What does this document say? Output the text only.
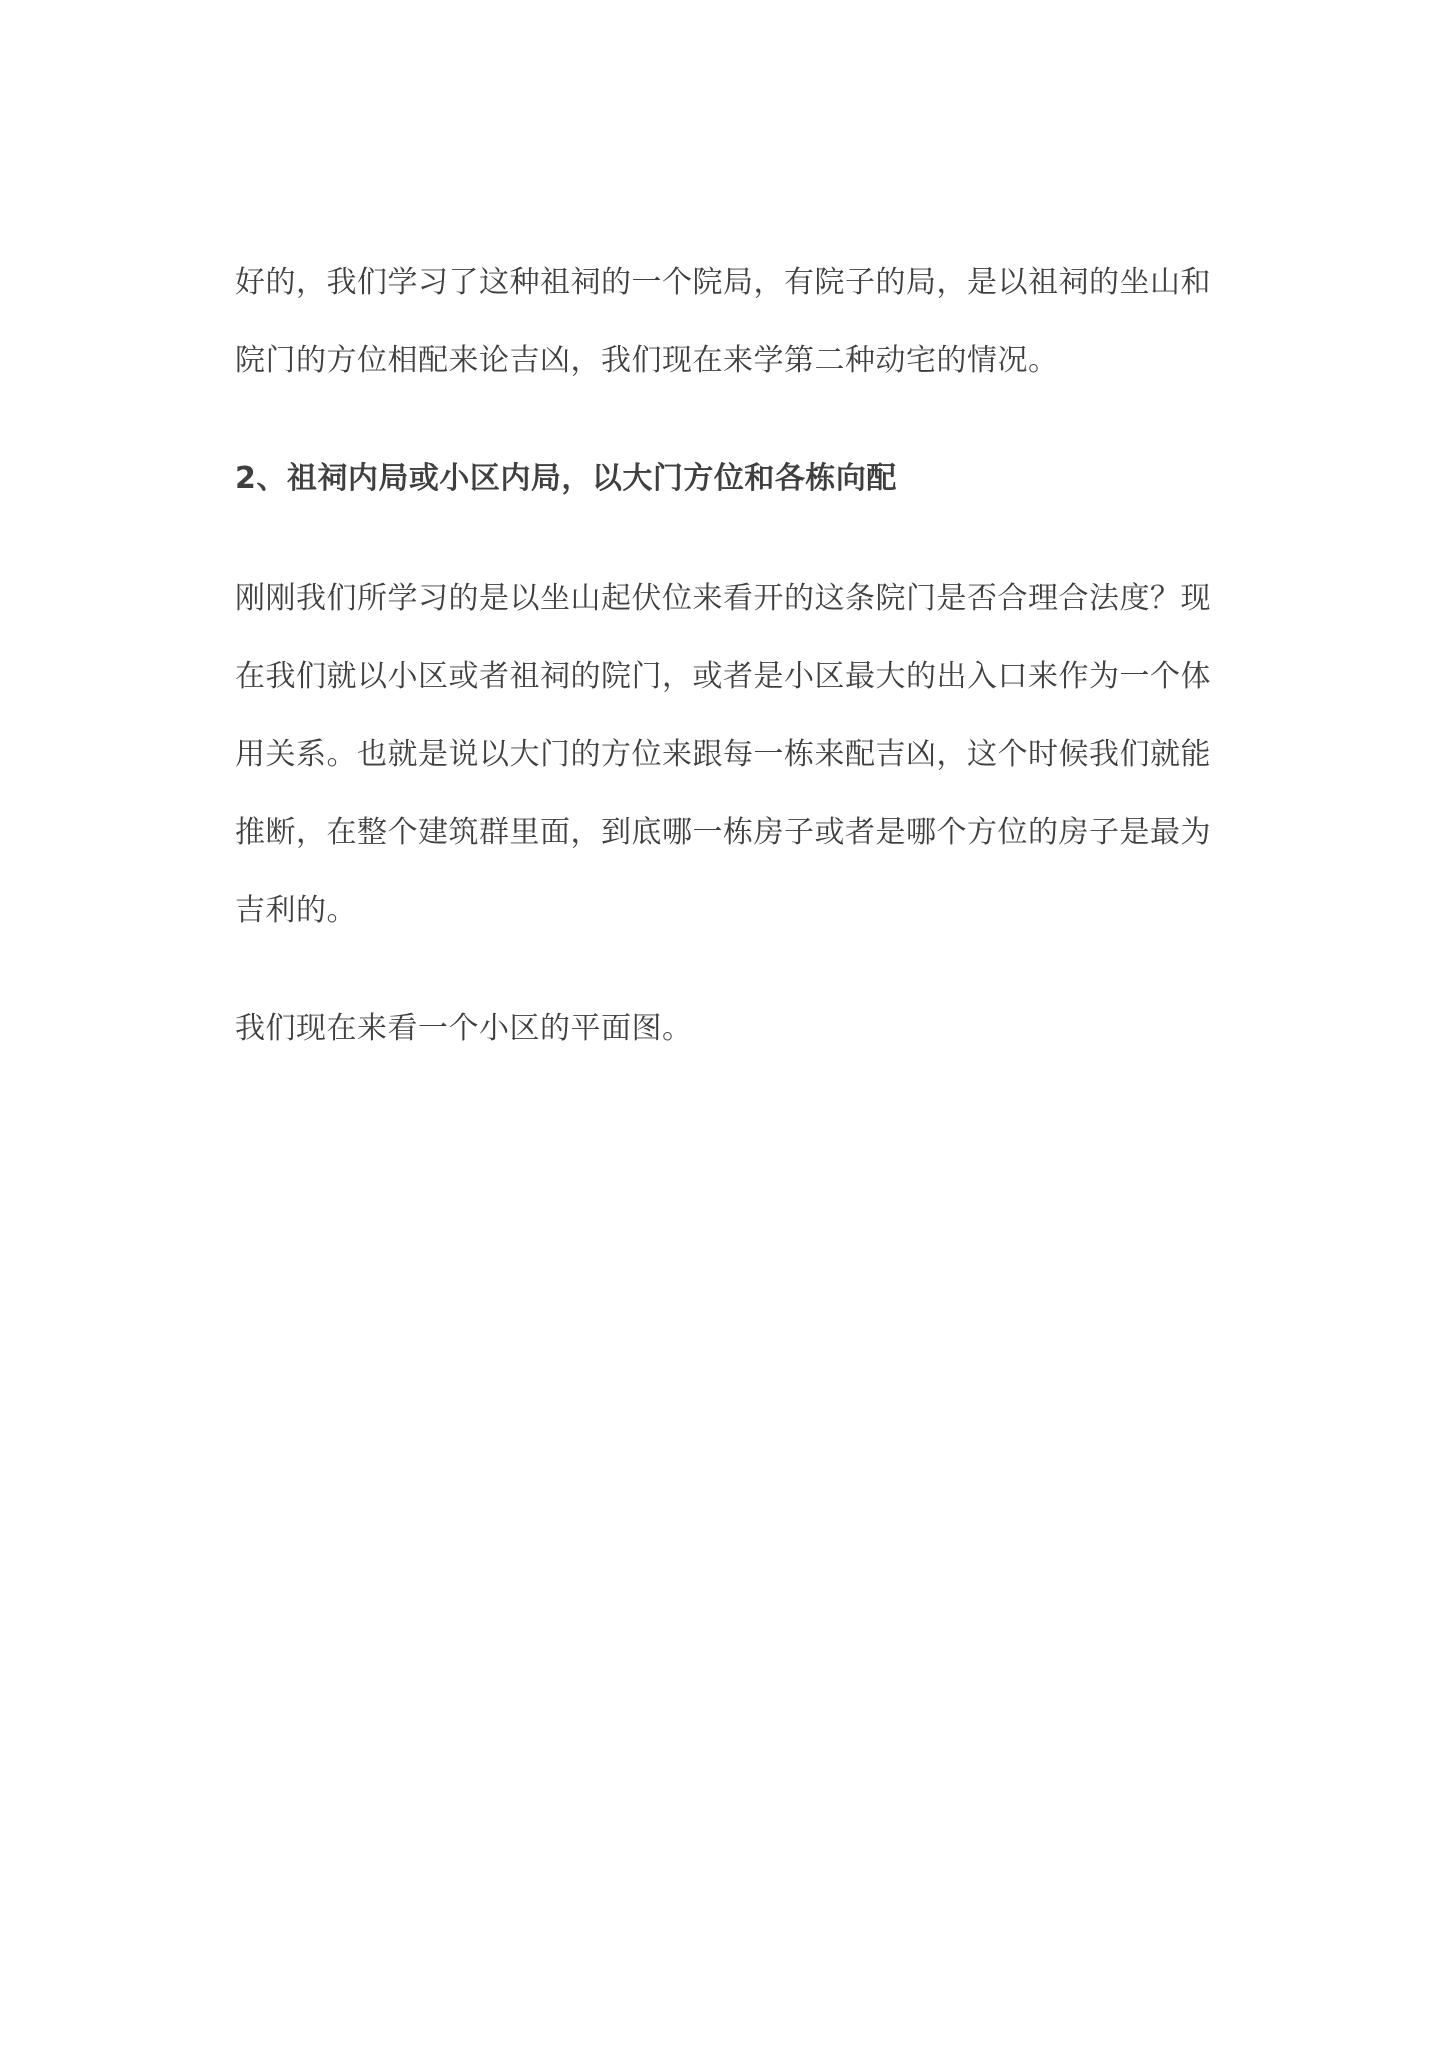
好的，我们学习了这种祖祠的一个院局，有院子的局，是以祖祠的坐山和院门的方位相配来论吉凶，我们现在来学第二种动宅的情况。

2、祖祠内局或小区内局，以大门方位和各栋向配

刚刚我们所学习的是以坐山起伏位来看开的这条院门是否合理合法度？现在我们就以小区或者祖祠的院门，或者是小区最大的出入口来作为一个体用关系。也就是说以大门的方位来跟每一栋来配吉凶，这个时候我们就能推断，在整个建筑群里面，到底哪一栋房子或者是哪个方位的房子是最为吉利的。

我们现在来看一个小区的平面图。
